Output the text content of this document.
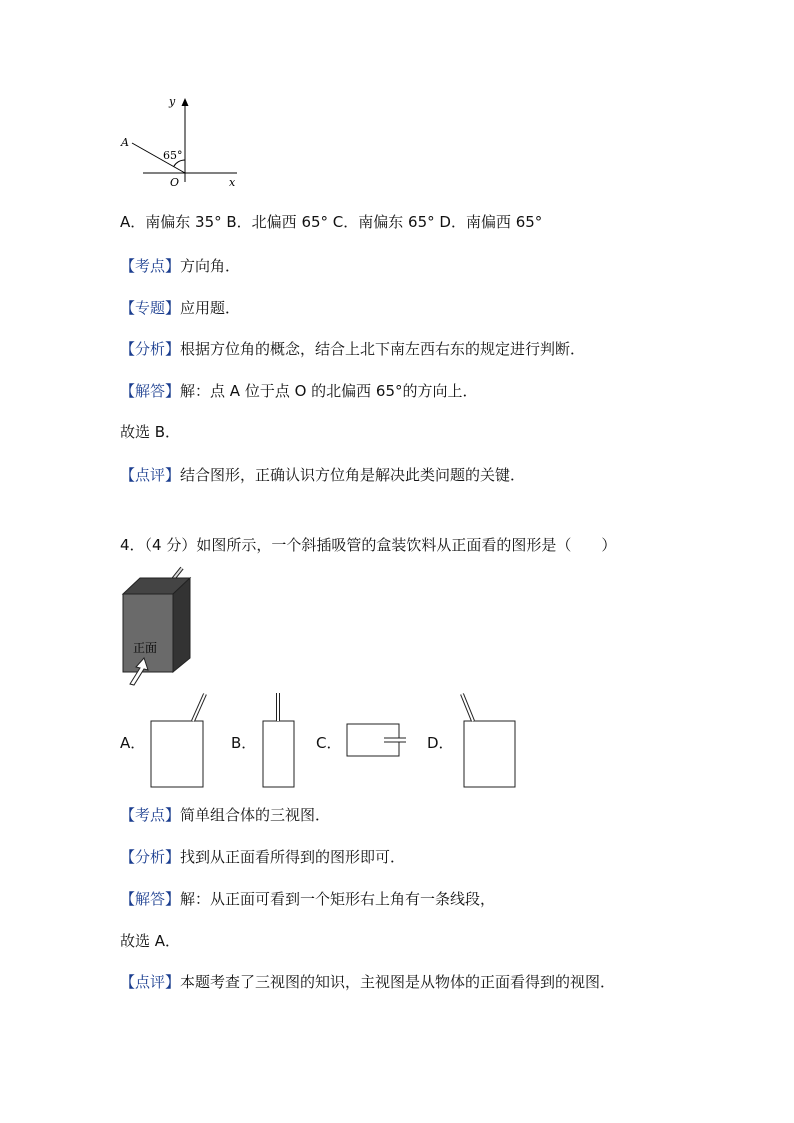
y
x
A
O
65°
A．南偏东 35° B．北偏西 65° C．南偏东 65° D．南偏西 65°
【考点】方向角．
【专题】应用题．
【分析】根据方位角的概念，结合上北下南左西右东的规定进行判断．
【解答】解：点 A 位于点 O 的北偏西 65°的方向上．
故选 B．
【点评】结合图形，正确认识方位角是解决此类问题的关键．
4．（4 分）如图所示，一个斜插吸管的盒装饮料从正面看的图形是（　　）
正面
A．	B．	C．	D．
【考点】简单组合体的三视图．
【分析】找到从正面看所得到的图形即可．
【解答】解：从正面可看到一个矩形右上角有一条线段，
故选 A．
【点评】本题考查了三视图的知识，主视图是从物体的正面看得到的视图．
